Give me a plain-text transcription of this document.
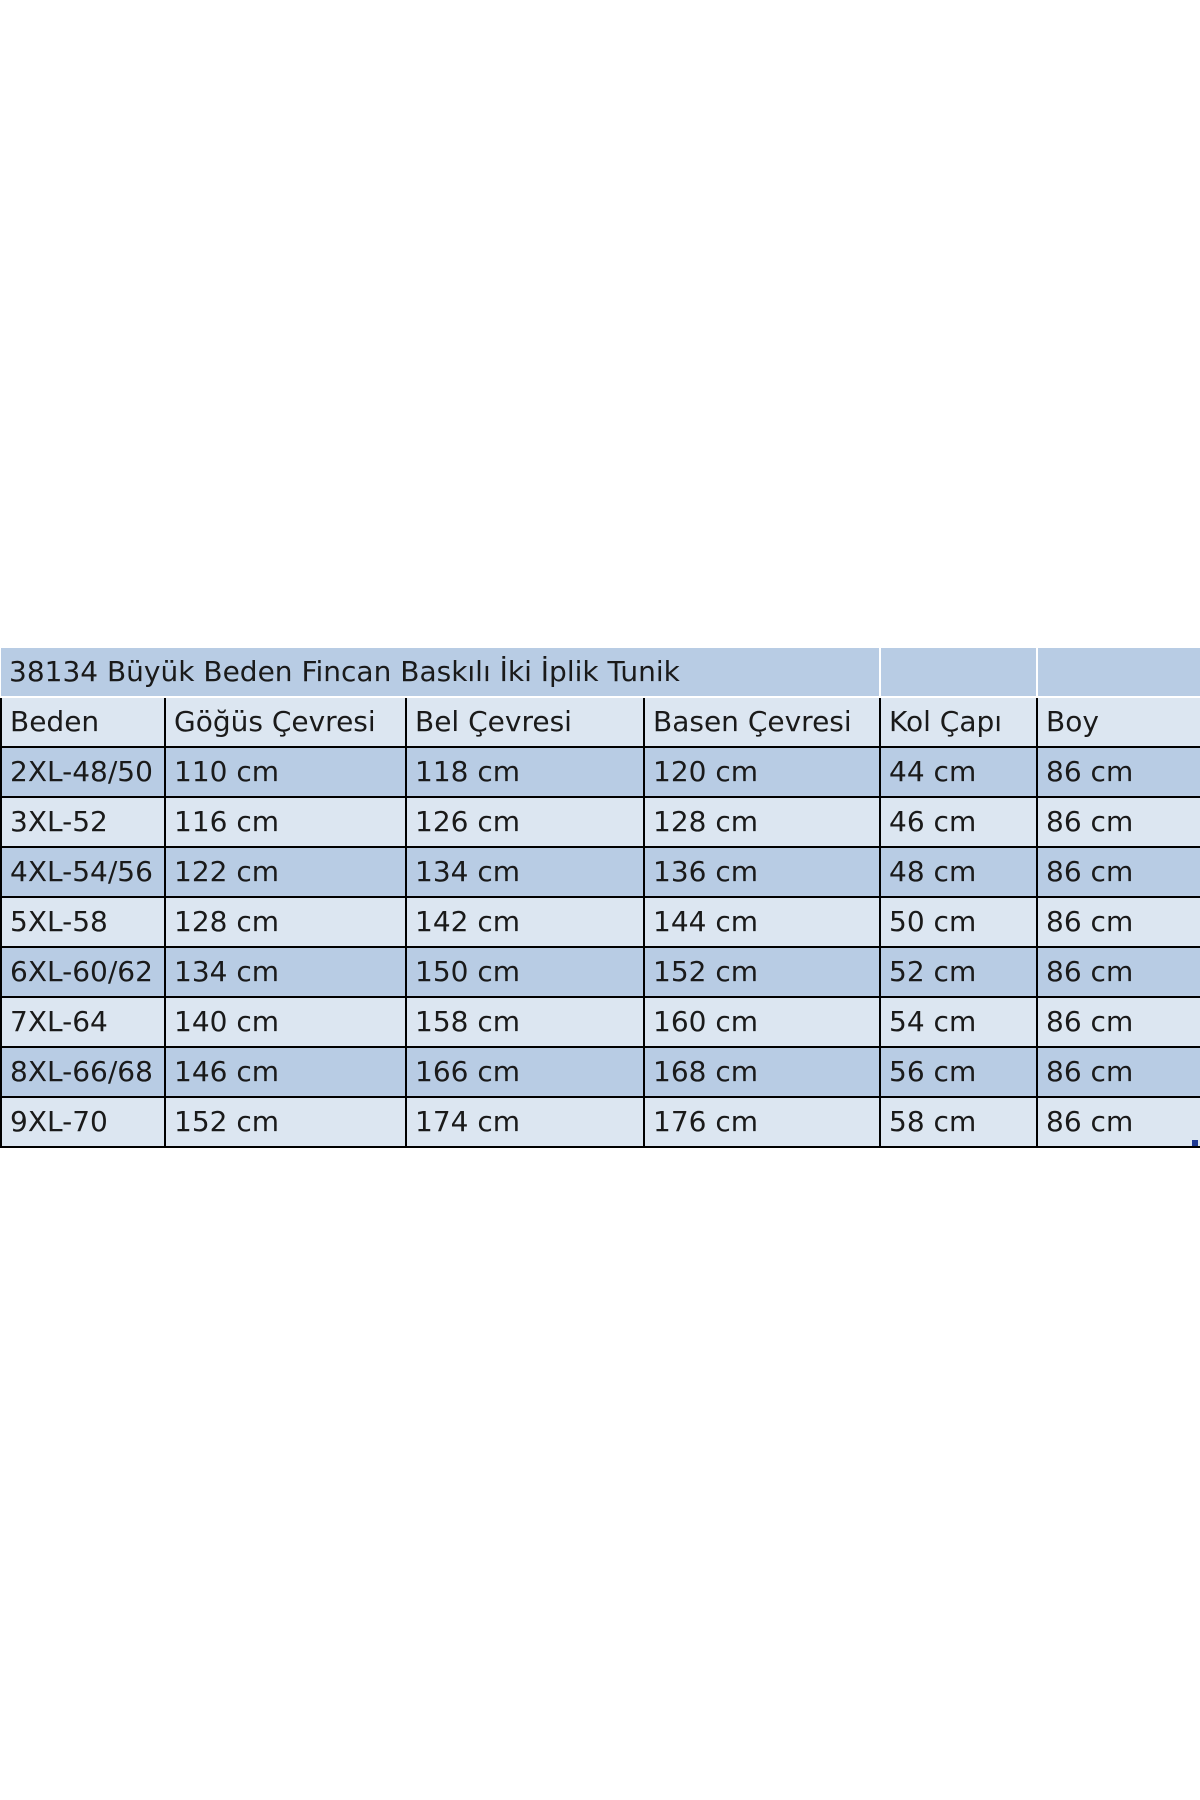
38134 Büyük Beden Fincan Baskılı İki İplik Tunik					
Beden	Göğüs Çevresi	Bel Çevresi	Basen Çevresi	Kol Çapı	Boy
2XL-48/50	110 cm	118 cm	120 cm	44 cm	86 cm
3XL-52	116 cm	126 cm	128 cm	46 cm	86 cm
4XL-54/56	122 cm	134 cm	136 cm	48 cm	86 cm
5XL-58	128 cm	142 cm	144 cm	50 cm	86 cm
6XL-60/62	134 cm	150 cm	152 cm	52 cm	86 cm
7XL-64	140 cm	158 cm	160 cm	54 cm	86 cm
8XL-66/68	146 cm	166 cm	168 cm	56 cm	86 cm
9XL-70	152 cm	174 cm	176 cm	58 cm	86 cm
